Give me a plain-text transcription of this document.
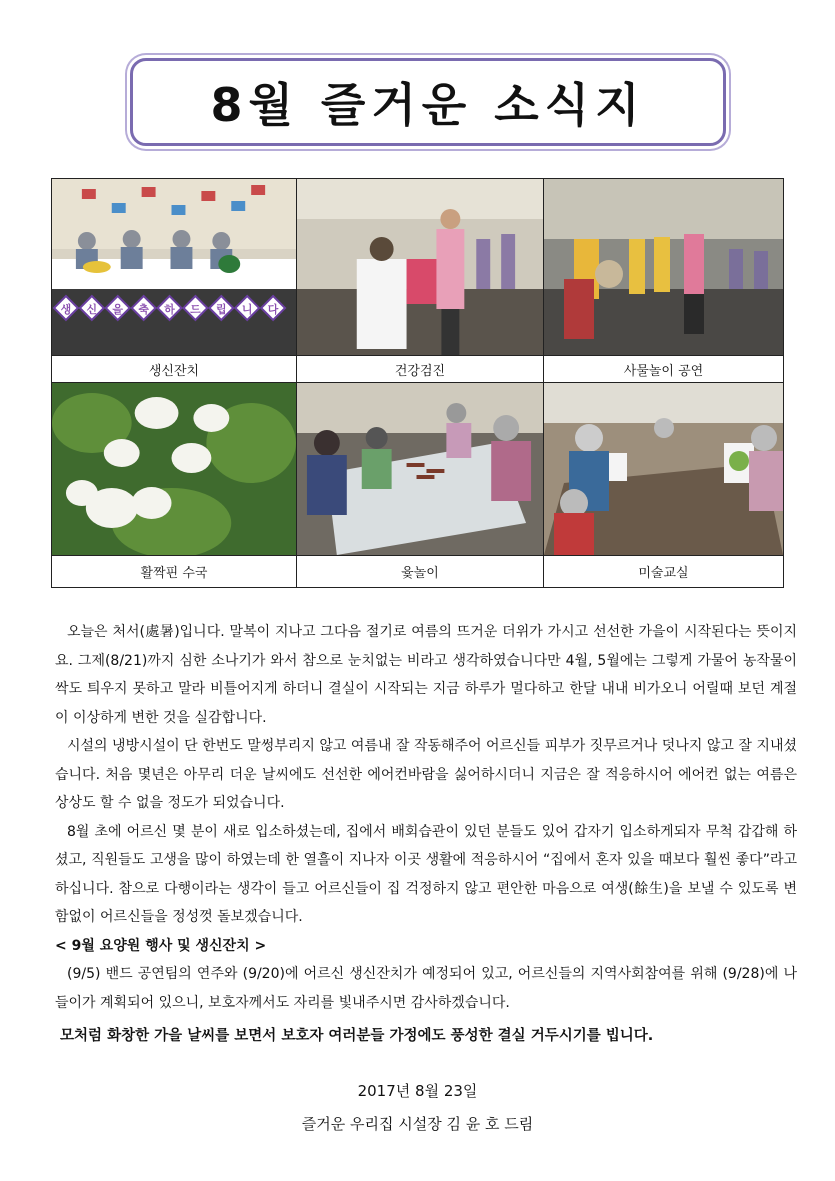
8월 즐거운 소식지
생 신 을 축 하 드 립 니 다
생신잔치	건강검진	사물놀이 공연
활짝핀 수국	윷놀이	미술교실

오늘은 처서(處暑)입니다. 말복이 지나고 그다음 절기로 여름의 뜨거운 더위가 가시고 선선한 가을이 시작된다는 뜻이지요. 그제(8/21)까지 심한 소나기가 와서 참으로 눈치없는 비라고 생각하였습니다만 4월, 5월에는 그렇게 가물어 농작물이 싹도 틔우지 못하고 말라 비틀어지게 하더니 결실이 시작되는 지금 하루가 멀다하고 한달 내내 비가오니 어릴때 보던 계절이 이상하게 변한 것을 실감합니다.

시설의 냉방시설이 단 한번도 말썽부리지 않고 여름내 잘 작동해주어 어르신들 피부가 짓무르거나 덧나지 않고 잘 지내셨습니다. 처음 몇년은 아무리 더운 날씨에도 선선한 에어컨바람을 싫어하시더니 지금은 잘 적응하시어 에어컨 없는 여름은 상상도 할 수 없을 정도가 되었습니다.

8월 초에 어르신 몇 분이 새로 입소하셨는데, 집에서 배회습관이 있던 분들도 있어 갑자기 입소하게되자 무척 갑갑해 하셨고, 직원들도 고생을 많이 하였는데 한 열흘이 지나자 이곳 생활에 적응하시어 “집에서 혼자 있을 때보다 훨씬 좋다”라고 하십니다. 참으로 다행이라는 생각이 들고 어르신들이 집 걱정하지 않고 편안한 마음으로 여생(餘生)을 보낼 수 있도록 변함없이 어르신들을 정성껏 돌보겠습니다.

< 9월 요양원 행사 및 생신잔치 >

(9/5) 밴드 공연팀의 연주와 (9/20)에 어르신 생신잔치가 예정되어 있고, 어르신들의 지역사회참여를 위해 (9/28)에 나들이가 계획되어 있으니, 보호자께서도 자리를 빛내주시면 감사하겠습니다.

모처럼 화창한 가을 날씨를 보면서 보호자 여러분들 가정에도 풍성한 결실 거두시기를 빕니다.
2017년 8월 23일
즐거운 우리집 시설장 김 윤 호 드림
